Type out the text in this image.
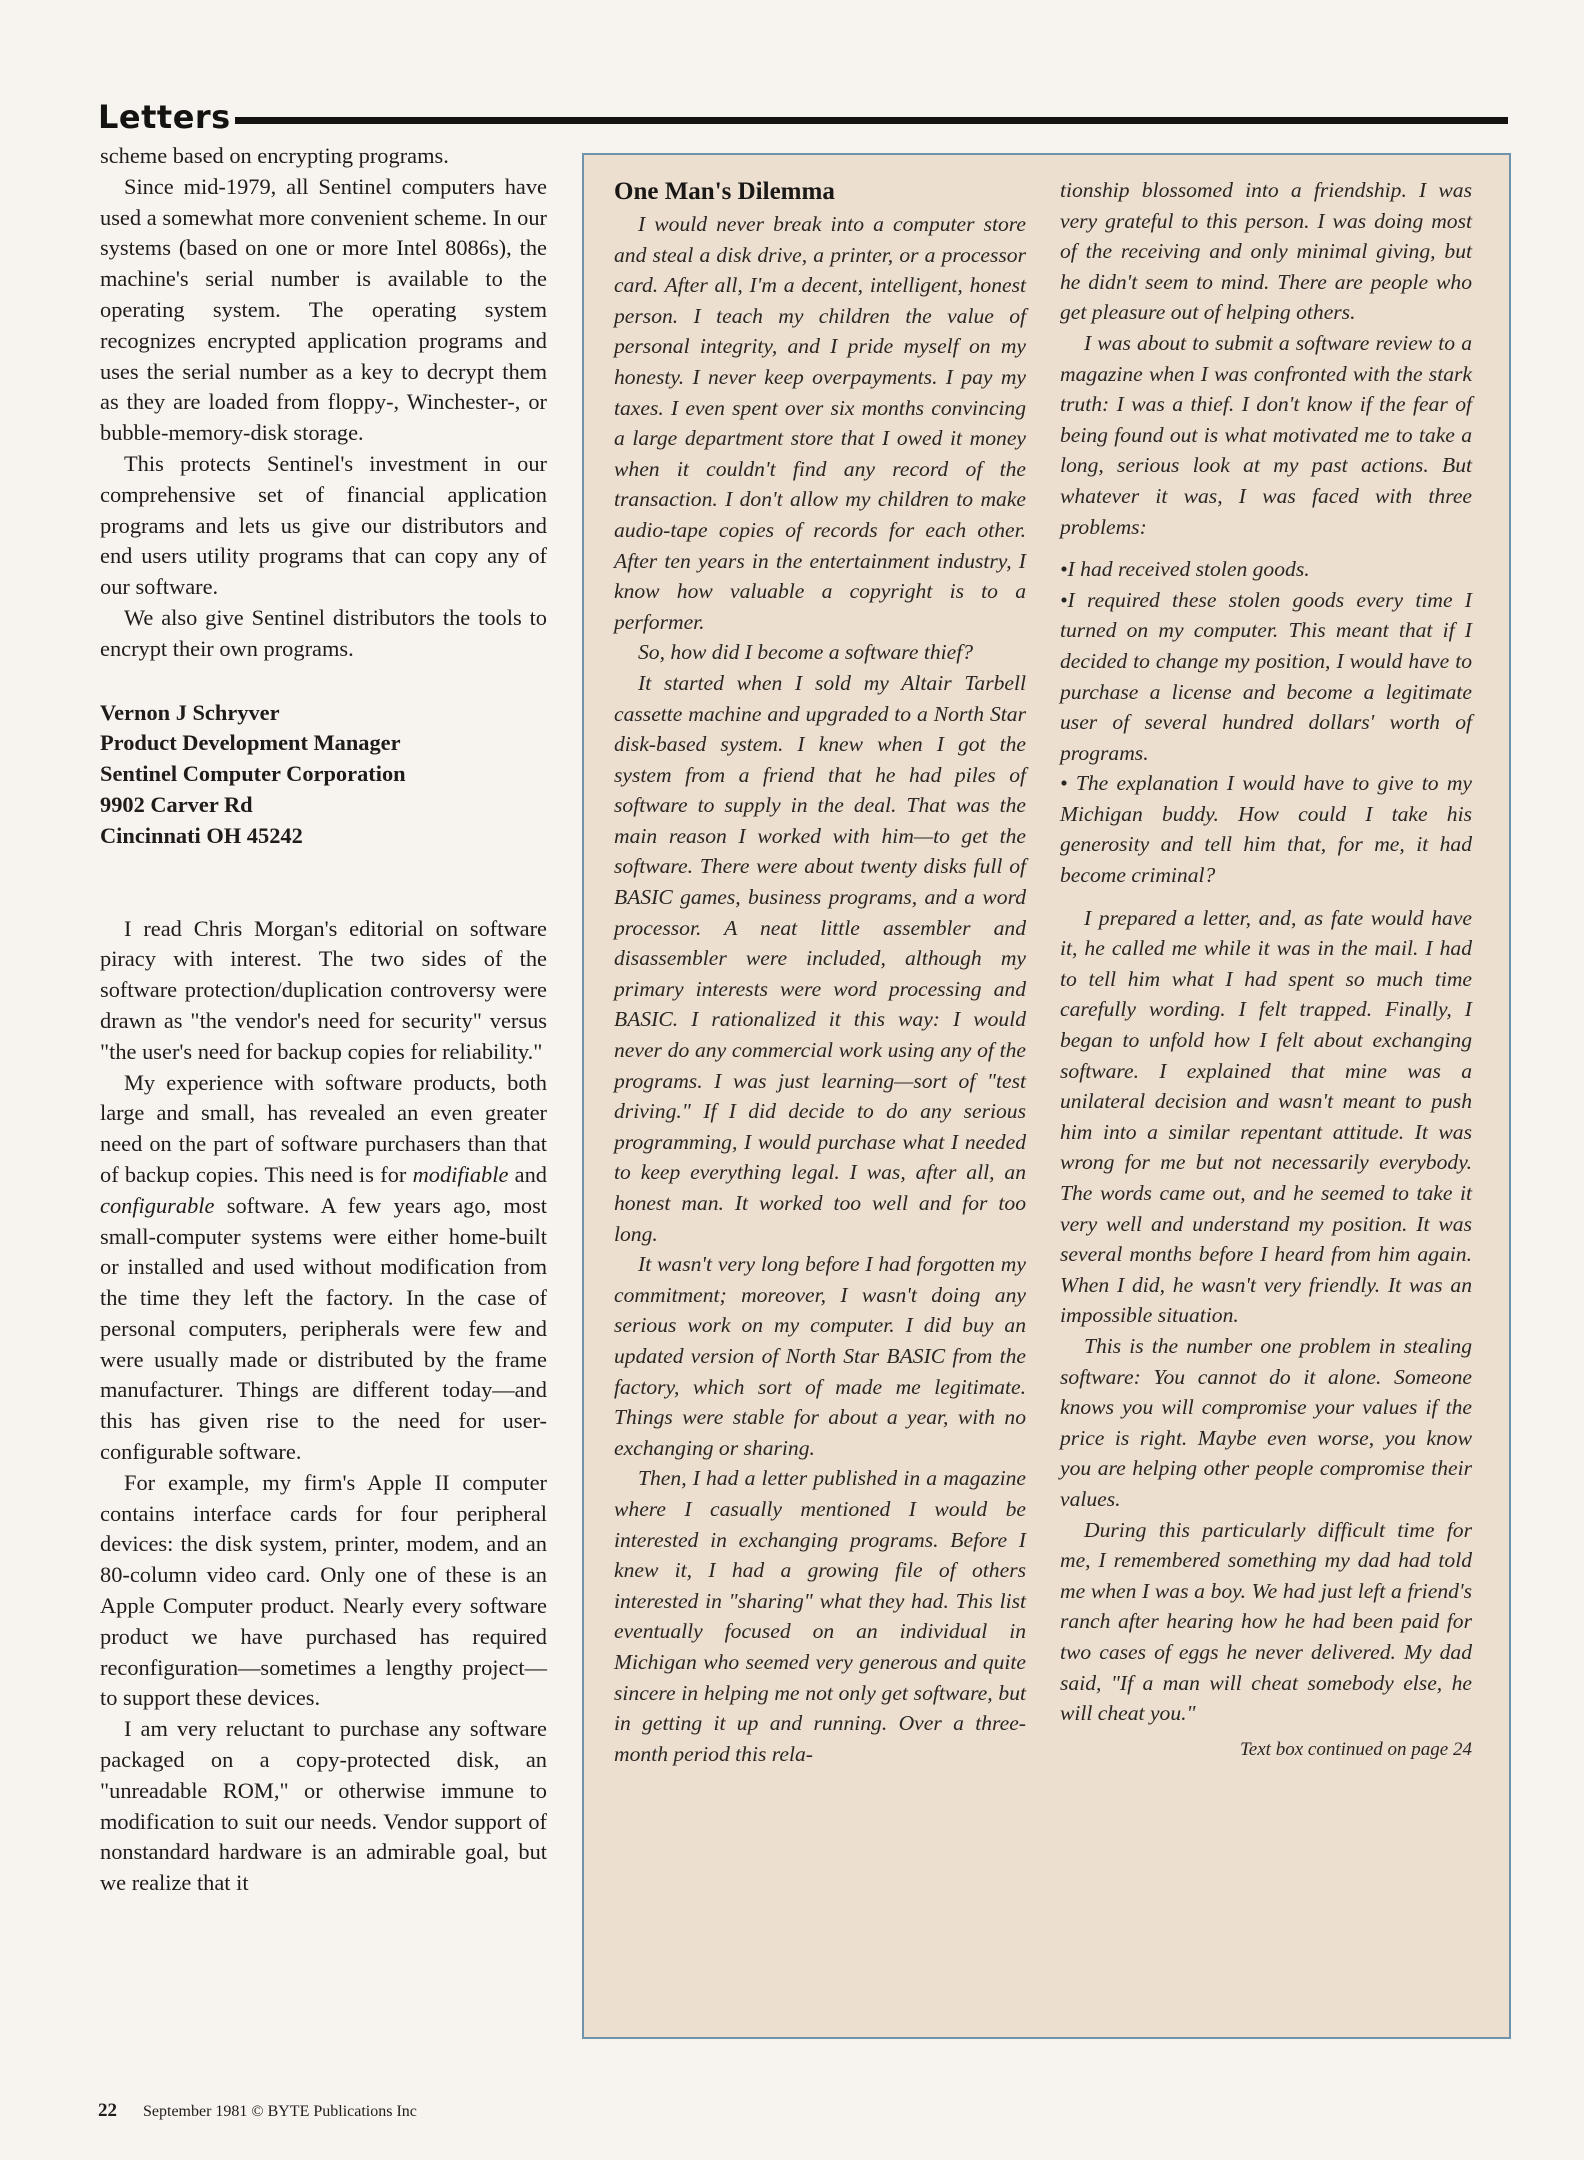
Letters

scheme based on encrypting programs.

Since mid-1979, all Sentinel computers have used a somewhat more convenient scheme. In our systems (based on one or more Intel 8086s), the machine's serial number is available to the operating system. The operating system recognizes encrypted application programs and uses the serial number as a key to decrypt them as they are loaded from floppy-, Winchester-, or bubble-memory-disk storage.

This protects Sentinel's investment in our comprehensive set of financial application programs and lets us give our distributors and end users utility programs that can copy any of our software.

We also give Sentinel distributors the tools to encrypt their own programs.

Vernon J Schryver
Product Development Manager
Sentinel Computer Corporation
9902 Carver Rd
Cincinnati OH 45242

I read Chris Morgan's editorial on software piracy with interest. The two sides of the software protection/duplication controversy were drawn as "the vendor's need for security" versus "the user's need for backup copies for reliability."

My experience with software products, both large and small, has revealed an even greater need on the part of software purchasers than that of backup copies. This need is for modifiable and configurable software. A few years ago, most small-computer systems were either home-built or installed and used without modification from the time they left the factory. In the case of personal computers, peripherals were few and were usually made or distributed by the frame manufacturer. Things are different today—and this has given rise to the need for user-configurable software.

For example, my firm's Apple II computer contains interface cards for four peripheral devices: the disk system, printer, modem, and an 80-column video card. Only one of these is an Apple Computer product. Nearly every software product we have purchased has required reconfiguration—sometimes a lengthy project—to support these devices.

I am very reluctant to purchase any software packaged on a copy-protected disk, an "unreadable ROM," or otherwise immune to modification to suit our needs. Vendor support of nonstandard hardware is an admirable goal, but we realize that it

One Man's Dilemma

I would never break into a computer store and steal a disk drive, a printer, or a processor card. After all, I'm a decent, intelligent, honest person. I teach my children the value of personal integrity, and I pride myself on my honesty. I never keep overpayments. I pay my taxes. I even spent over six months convincing a large department store that I owed it money when it couldn't find any record of the transaction. I don't allow my children to make audio-tape copies of records for each other. After ten years in the entertainment industry, I know how valuable a copyright is to a performer.

So, how did I become a software thief?

It started when I sold my Altair Tarbell cassette machine and upgraded to a North Star disk-based system. I knew when I got the system from a friend that he had piles of software to supply in the deal. That was the main reason I worked with him—to get the software. There were about twenty disks full of BASIC games, business programs, and a word processor. A neat little assembler and disassembler were included, although my primary interests were word processing and BASIC. I rationalized it this way: I would never do any commercial work using any of the programs. I was just learning—sort of "test driving." If I did decide to do any serious programming, I would purchase what I needed to keep everything legal. I was, after all, an honest man. It worked too well and for too long.

It wasn't very long before I had forgotten my commitment; moreover, I wasn't doing any serious work on my computer. I did buy an updated version of North Star BASIC from the factory, which sort of made me legitimate. Things were stable for about a year, with no exchanging or sharing.

Then, I had a letter published in a magazine where I casually mentioned I would be interested in exchanging programs. Before I knew it, I had a growing file of others interested in "sharing" what they had. This list eventually focused on an individual in Michigan who seemed very generous and quite sincere in helping me not only get software, but in getting it up and running. Over a three-month period this rela-

tionship blossomed into a friendship. I was very grateful to this person. I was doing most of the receiving and only minimal giving, but he didn't seem to mind. There are people who get pleasure out of helping others.

I was about to submit a software review to a magazine when I was confronted with the stark truth: I was a thief. I don't know if the fear of being found out is what motivated me to take a long, serious look at my past actions. But whatever it was, I was faced with three problems:

•I had received stolen goods.

•I required these stolen goods every time I turned on my computer. This meant that if I decided to change my position, I would have to purchase a license and become a legitimate user of several hundred dollars' worth of programs.

• The explanation I would have to give to my Michigan buddy. How could I take his generosity and tell him that, for me, it had become criminal?

I prepared a letter, and, as fate would have it, he called me while it was in the mail. I had to tell him what I had spent so much time carefully wording. I felt trapped. Finally, I began to unfold how I felt about exchanging software. I explained that mine was a unilateral decision and wasn't meant to push him into a similar repentant attitude. It was wrong for me but not necessarily everybody. The words came out, and he seemed to take it very well and understand my position. It was several months before I heard from him again. When I did, he wasn't very friendly. It was an impossible situation.

This is the number one problem in stealing software: You cannot do it alone. Someone knows you will compromise your values if the price is right. Maybe even worse, you know you are helping other people compromise their values.

During this particularly difficult time for me, I remembered something my dad had told me when I was a boy. We had just left a friend's ranch after hearing how he had been paid for two cases of eggs he never delivered. My dad said, "If a man will cheat somebody else, he will cheat you."

Text box continued on page 24
22 September 1981 © BYTE Publications Inc
